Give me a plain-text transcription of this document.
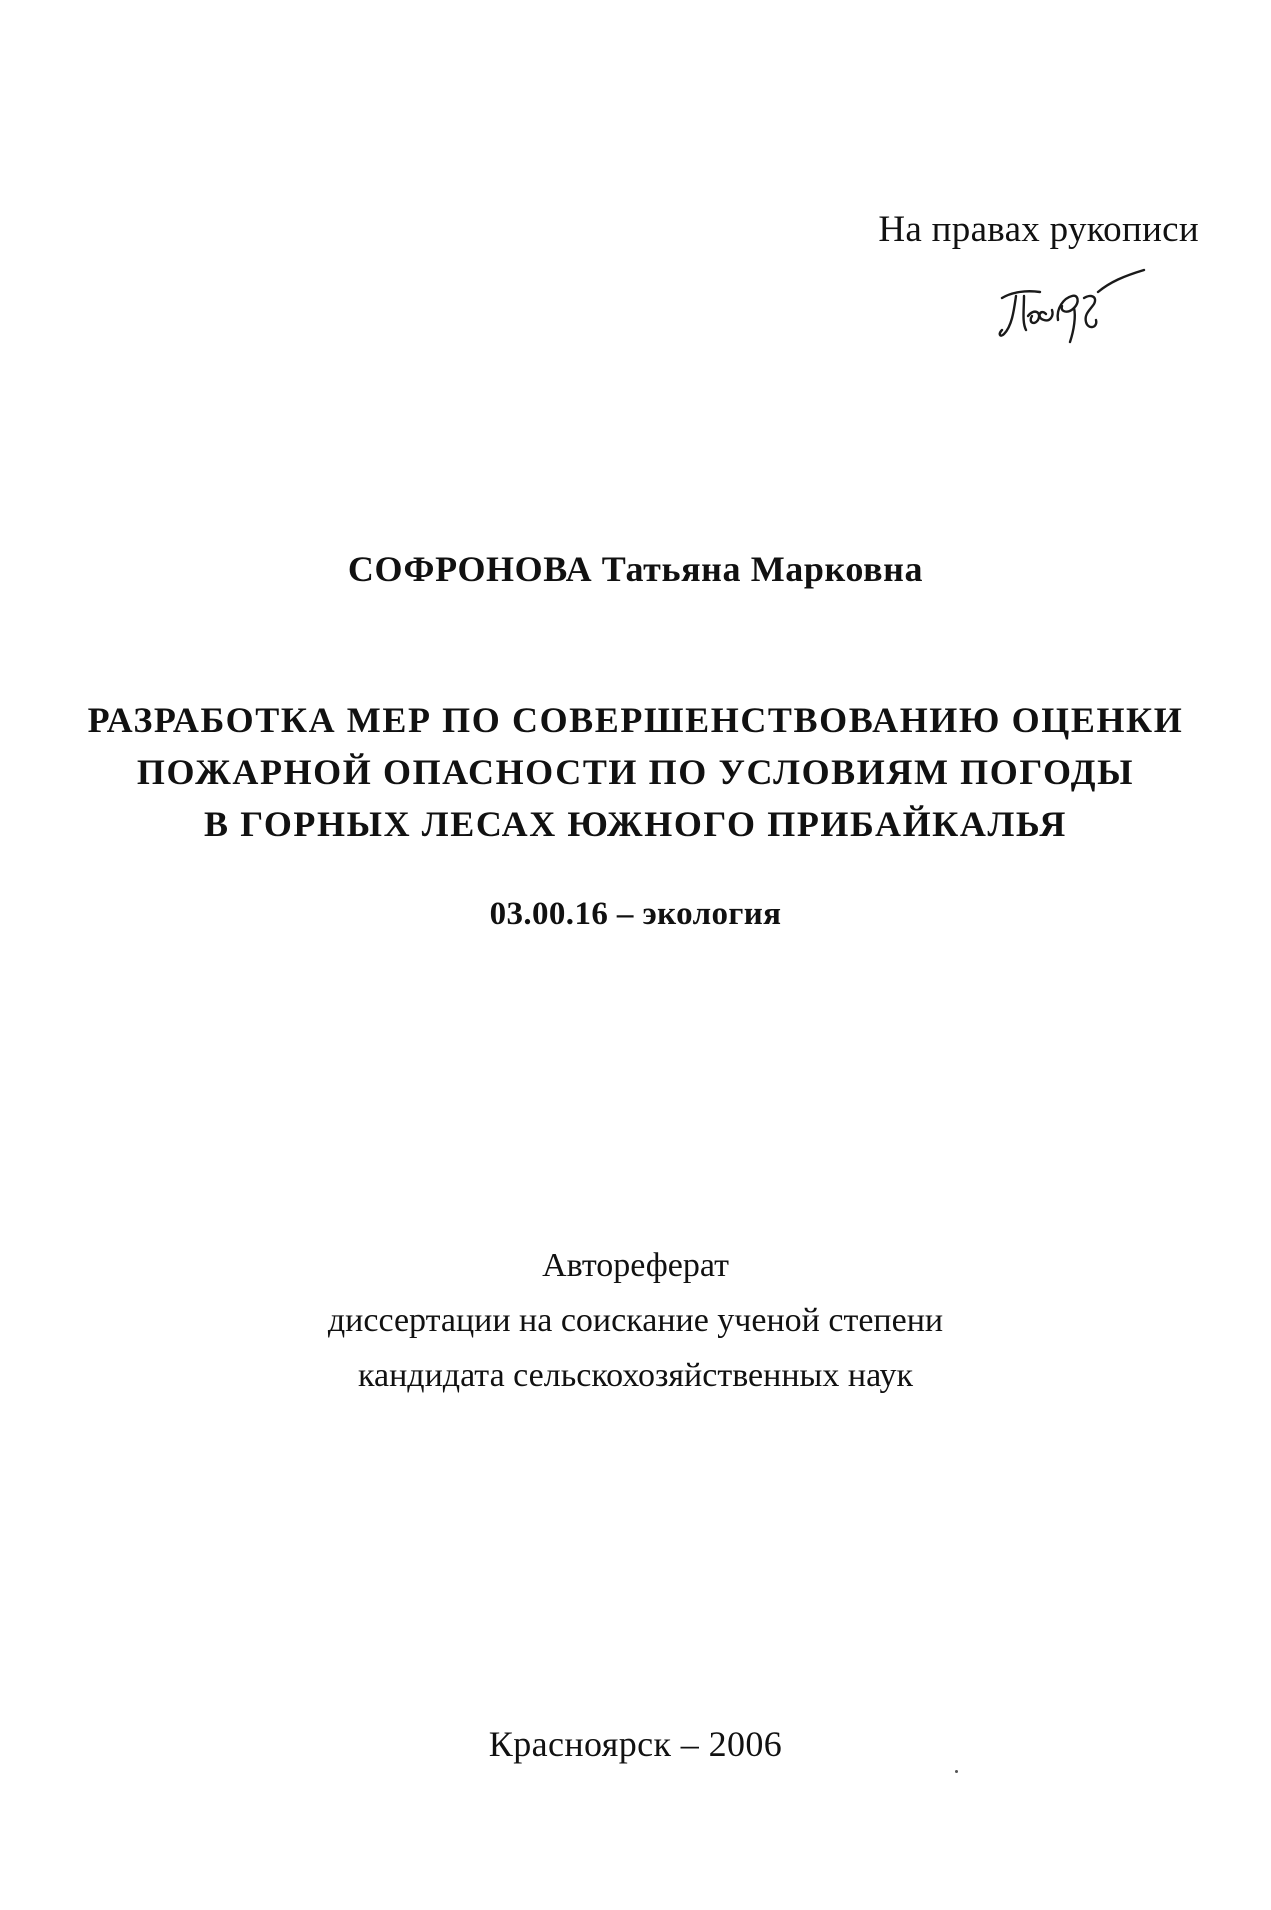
На правах рукописи
СОФРОНОВА Татьяна Марковна
РАЗРАБОТКА МЕР ПО СОВЕРШЕНСТВОВАНИЮ ОЦЕНКИ
ПОЖАРНОЙ ОПАСНОСТИ ПО УСЛОВИЯМ ПОГОДЫ
В ГОРНЫХ ЛЕСАХ ЮЖНОГО ПРИБАЙКАЛЬЯ
03.00.16 – экология
Автореферат
диссертации на соискание ученой степени
кандидата сельскохозяйственных наук
Красноярск – 2006
